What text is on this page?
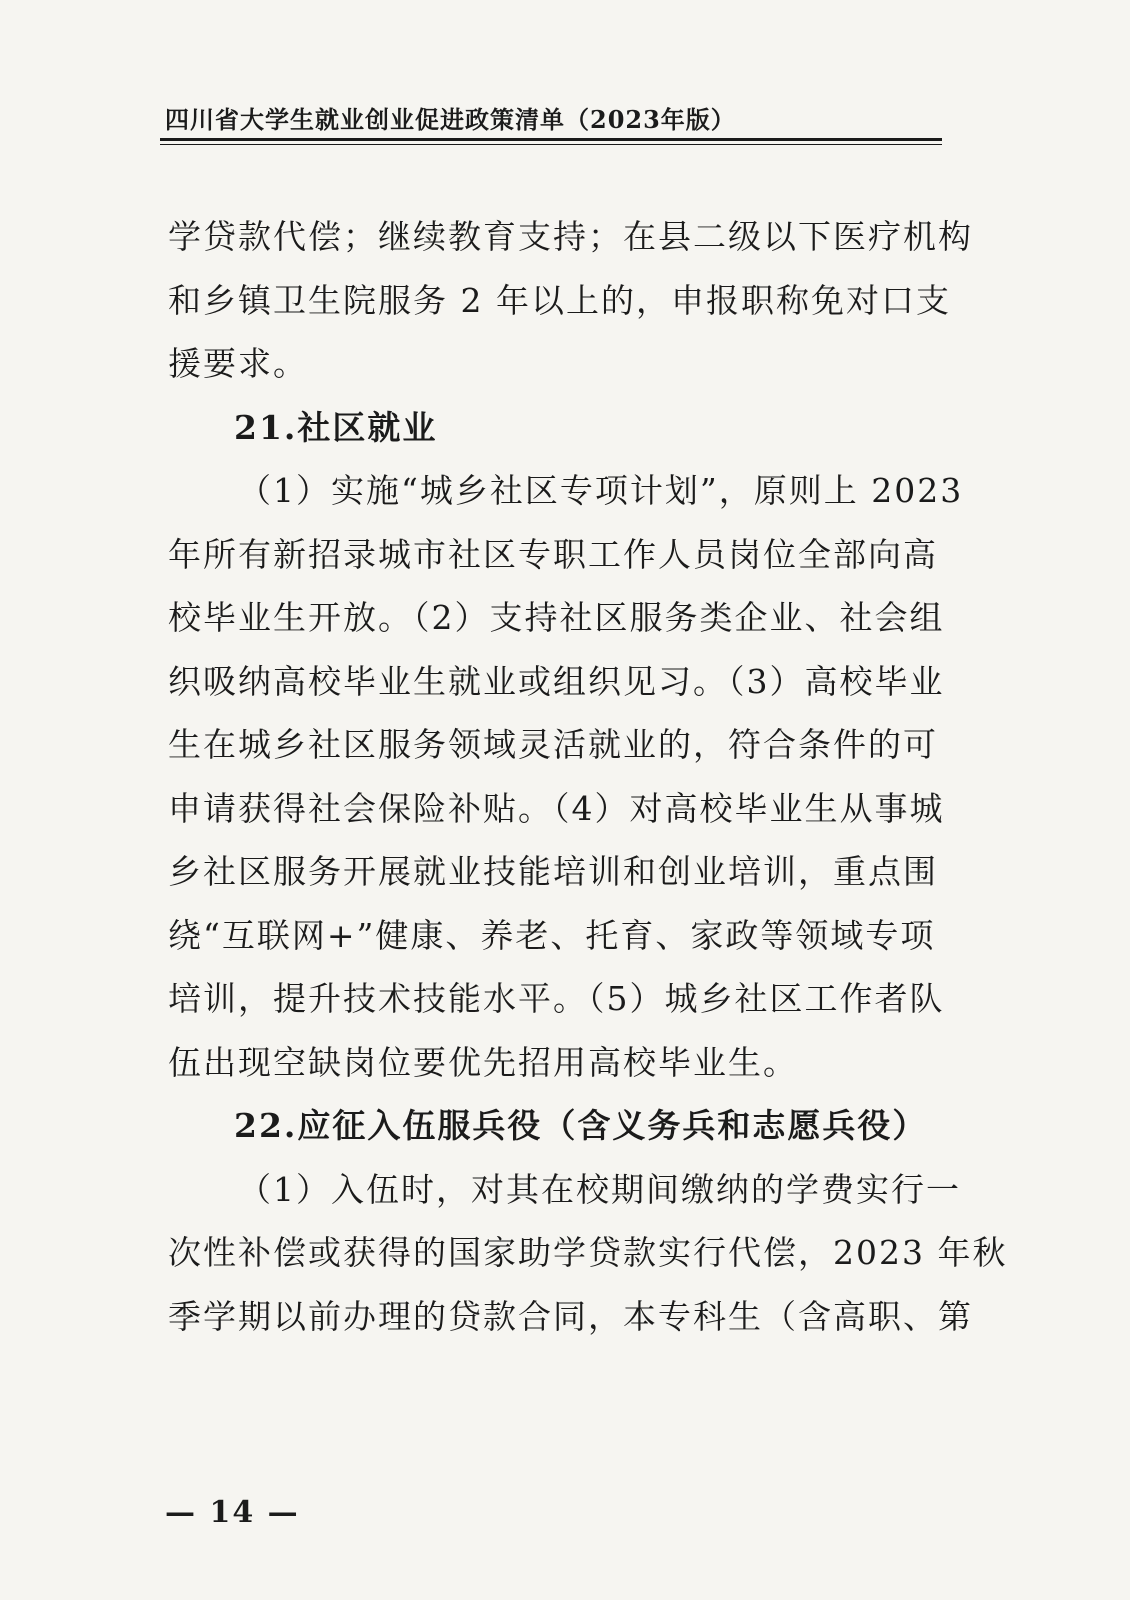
四川省大学生就业创业促进政策清单（2023年版）
学贷款代偿；继续教育支持；在县二级以下医疗机构
和乡镇卫生院服务 2 年以上的，申报职称免对口支
援要求。
21.社区就业
（1）实施“城乡社区专项计划”，原则上 2023
年所有新招录城市社区专职工作人员岗位全部向高
校毕业生开放。（2）支持社区服务类企业、社会组
织吸纳高校毕业生就业或组织见习。（3）高校毕业
生在城乡社区服务领域灵活就业的，符合条件的可
申请获得社会保险补贴。（4）对高校毕业生从事城
乡社区服务开展就业技能培训和创业培训，重点围
绕“互联网+”健康、养老、托育、家政等领域专项
培训，提升技术技能水平。（5）城乡社区工作者队
伍出现空缺岗位要优先招用高校毕业生。
22.应征入伍服兵役（含义务兵和志愿兵役）
（1）入伍时，对其在校期间缴纳的学费实行一
次性补偿或获得的国家助学贷款实行代偿，2023 年秋
季学期以前办理的贷款合同，本专科生（含高职、第
— 14 —
